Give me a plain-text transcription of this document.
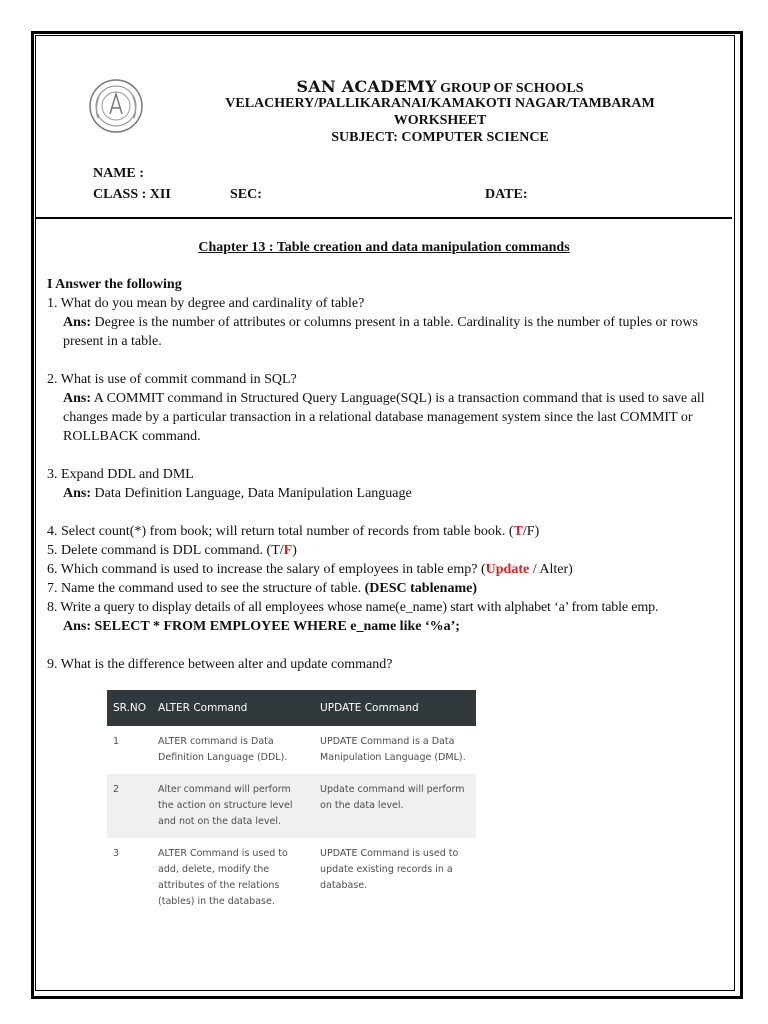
SAN ACADEMY GROUP OF SCHOOLS
VELACHERY/PALLIKARANAI/KAMAKOTI NAGAR/TAMBARAM
WORKSHEET
SUBJECT: COMPUTER SCIENCE
NAME :
CLASS : XII	SEC:	DATE:
Chapter 13 : Table creation and data manipulation commands

I Answer the following

1. What do you mean by degree and cardinality of table?

Ans: Degree is the number of attributes or columns present in a table. Cardinality is the number of tuples or rows present in a table.

2. What is use of commit command in SQL?

Ans: A COMMIT command in Structured Query Language(SQL) is a transaction command that is used to save all changes made by a particular transaction in a relational database management system since the last COMMIT or ROLLBACK command.

3. Expand DDL and DML

Ans: Data Definition Language, Data Manipulation Language

4. Select count(*) from book; will return total number of records from table book. (T/F)

5. Delete command is DDL command. (T/F)

6. Which command is used to increase the salary of employees in table emp? (Update / Alter)

7. Name the command used to see the structure of table. (DESC tablename)

8. Write a query to display details of all employees whose name(e_name) start with alphabet ‘a’ from table emp.

Ans: SELECT * FROM EMPLOYEE WHERE e_name like ‘%a’;

9. What is the difference between alter and update command?

SR.NO	ALTER Command	UPDATE Command
1	ALTER command is Data Definition Language (DDL).	UPDATE Command is a Data Manipulation Language (DML).
2	Alter command will perform the action on structure level and not on the data level.	Update command will perform on the data level.
3	ALTER Command is used to add, delete, modify the attributes of the relations (tables) in the database.	UPDATE Command is used to update existing records in a database.
